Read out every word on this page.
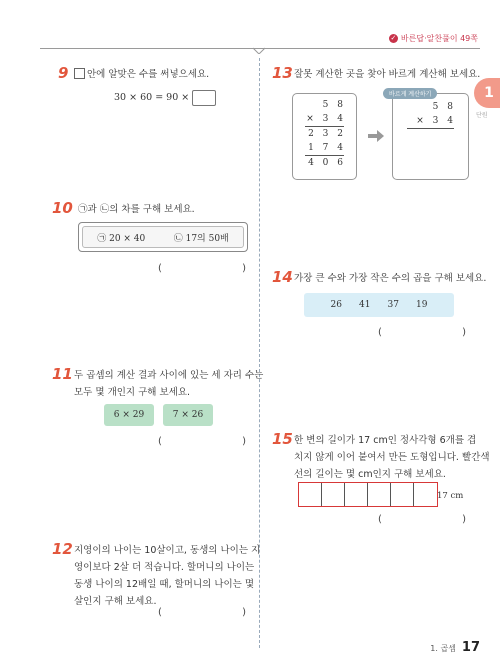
✓ 바른답·알찬풀이 49쪽
1
단원
9	안에 알맞은 수를 써넣으세요.
30 × 60 = 90 ×
10 ㉠과 ㉡의 차를 구해 보세요.
㉠ 20 × 40	㉡ 17의 50배
(	)
11 두 곱셈의 계산 결과 사이에 있는 세 자리 수는
모두 몇 개인지 구해 보세요.
6 × 29	7 × 26
(	)
12 지영이의 나이는 10살이고, 동생의 나이는 지
영이보다 2살 더 적습니다. 할머니의 나이는
동생 나이의 12배일 때, 할머니의 나이는 몇
살인지 구해 보세요.
(	)
13 잘못 계산한 곳을 찾아 바르게 계산해 보세요.
5 8
× 3 4
2 3 2
1 7 4
4 0 6
5 8
× 3 4
바르게 계산하기
14 가장 큰 수와 가장 작은 수의 곱을 구해 보세요.
26 41 37 19
(	)
15 한 변의 길이가 17 cm인 정사각형 6개를 겹
치지 않게 이어 붙여서 만든 도형입니다. 빨간색
선의 길이는 몇 cm인지 구해 보세요.
17 cm
(	)
1. 곱셈 17
